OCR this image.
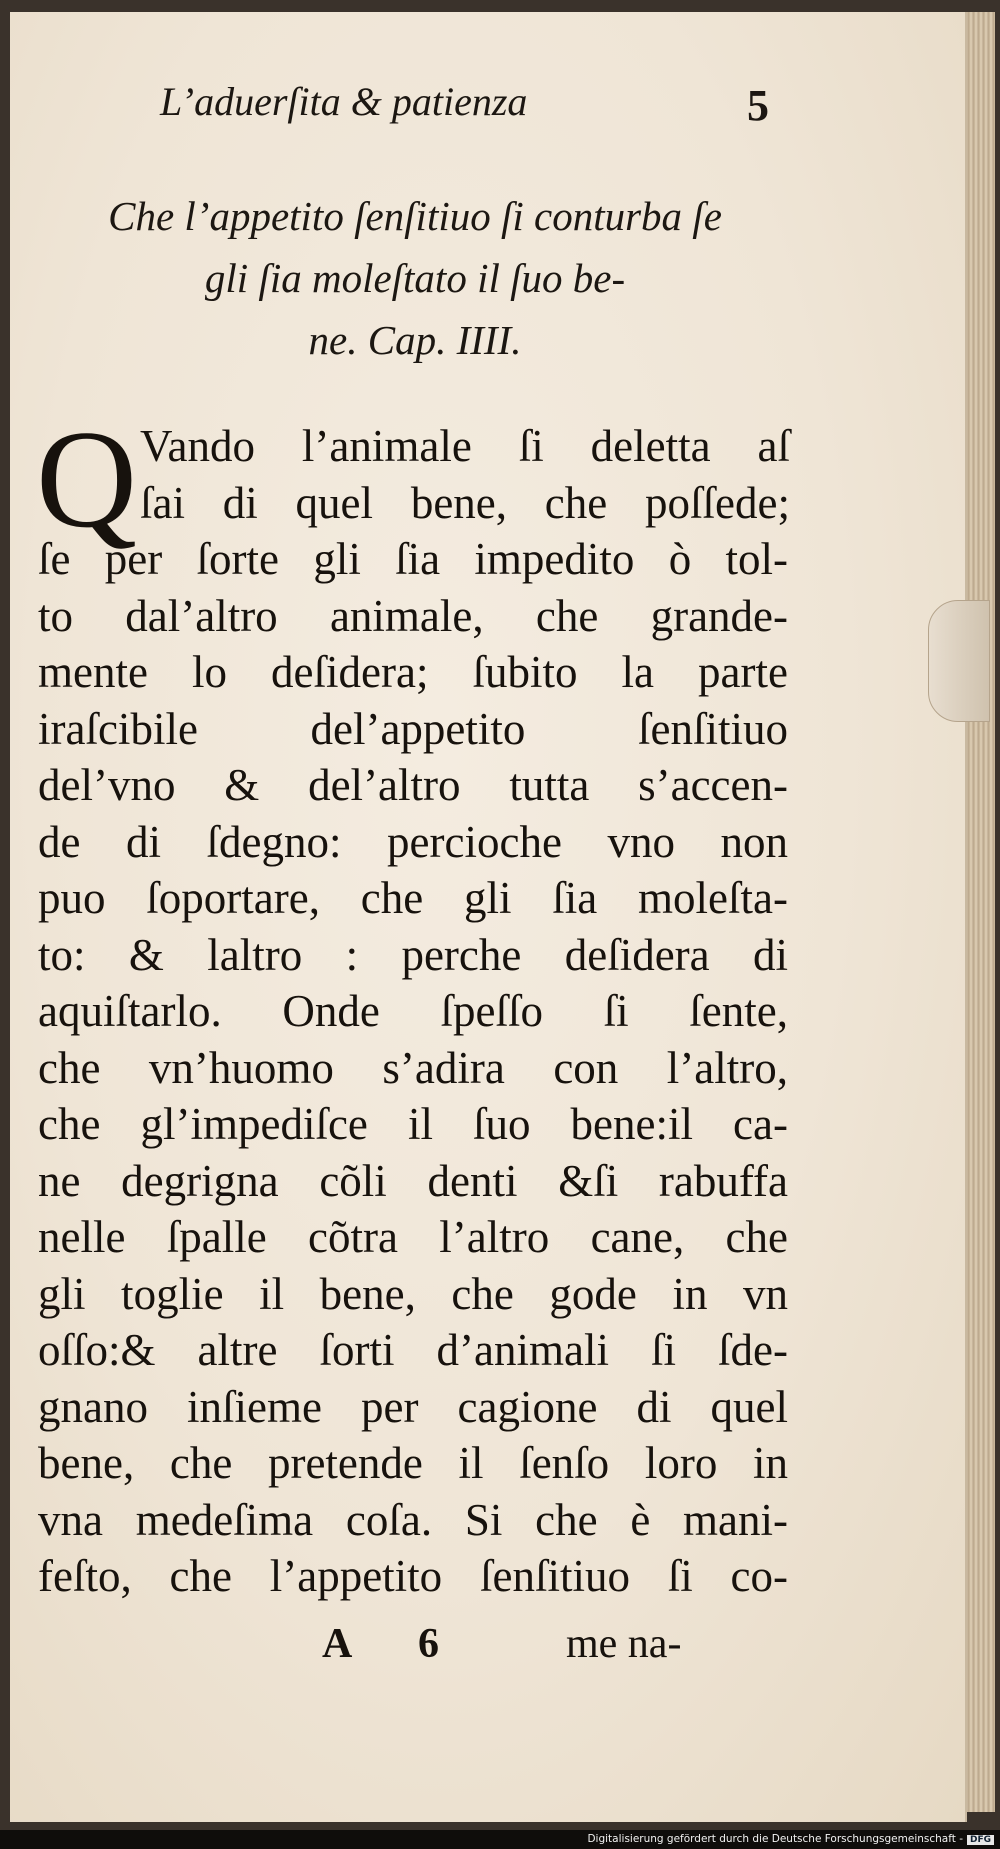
L’aduerſita & patienza	5
Che l’appetito ſenſitiuo ſi conturba ſe
gli ſia moleſtato il ſuo be-
ne. Cap. IIII.
Q Vando l’animale ſi deletta aſ
ſai di quel bene, che poſſede;
ſe per ſorte gli ſia impedito ò tol-
to dal’altro animale, che grande-
mente lo deſidera; ſubito la parte
iraſcibile del’appetito ſenſitiuo
del’vno & del’altro tutta s’accen-
de di ſdegno: percioche vno non
puo ſoportare, che gli ſia moleſta-
to: & laltro : perche deſidera di
aquiſtarlo. Onde ſpeſſo ſi ſente,
che vn’huomo s’adira con l’altro,
che gl’impediſce il ſuo bene:il ca-
ne degrigna cõli denti &ſi rabuffa
nelle ſpalle cõtra l’altro cane, che
gli toglie il bene, che gode in vn
oſſo:& altre ſorti d’animali ſi ſde-
gnano inſieme per cagione di quel
bene, che pretende il ſenſo loro in
vna medeſima coſa. Si che è mani-
feſto, che l’appetito ſenſitiuo ſi co-
A 6	me na-
Digitalisierung gefördert durch die Deutsche Forschungsgemeinschaft - DFG
